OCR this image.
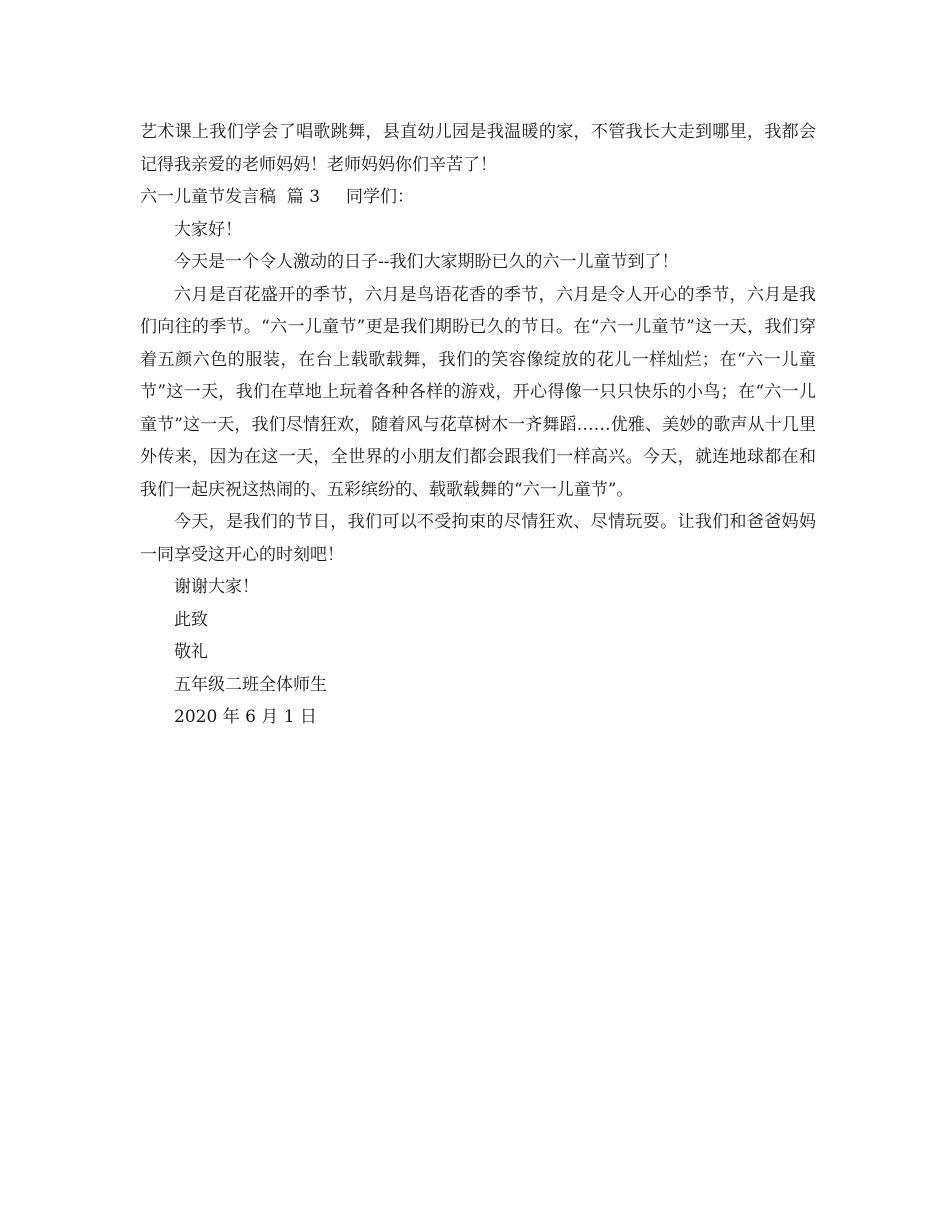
艺术课上我们学会了唱歌跳舞，县直幼儿园是我温暖的家，不管我长大走到哪里，我都会记得我亲爱的老师妈妈！老师妈妈你们辛苦了！

六一儿童节发言稿  篇 3 同学们：

大家好！

今天是一个令人激动的日子--我们大家期盼已久的六一儿童节到了！

六月是百花盛开的季节，六月是鸟语花香的季节，六月是令人开心的季节，六月是我们向往的季节。“六一儿童节”更是我们期盼已久的节日。在“六一儿童节”这一天，我们穿着五颜六色的服装，在台上载歌载舞，我们的笑容像绽放的花儿一样灿烂；在“六一儿童节”这一天，我们在草地上玩着各种各样的游戏，开心得像一只只快乐的小鸟；在“六一儿童节”这一天，我们尽情狂欢，随着风与花草树木一齐舞蹈……优雅、美妙的歌声从十几里外传来，因为在这一天，全世界的小朋友们都会跟我们一样高兴。今天，就连地球都在和我们一起庆祝这热闹的、五彩缤纷的、载歌载舞的“六一儿童节”。

今天，是我们的节日，我们可以不受拘束的尽情狂欢、尽情玩耍。让我们和爸爸妈妈一同享受这开心的时刻吧！

谢谢大家！

此致

敬礼

五年级二班全体师生

2020 年 6 月 1 日
